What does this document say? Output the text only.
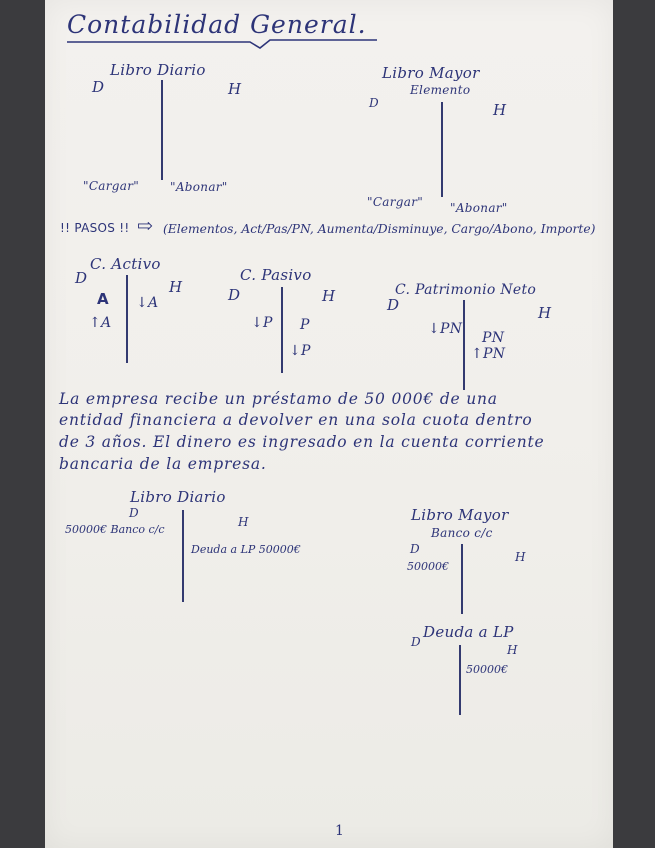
Contabilidad General.
Libro Diario
D	H
"Cargar"	"Abonar"
Libro Mayor
Elemento
D	H
"Cargar" "Abonar"
!! PASOS !! ⇨ (Elementos, Act/Pas/PN, Aumenta/Disminuye, Cargo/Abono, Importe)
C. Activo
D	H
A ↓A
↑A
C. Pasivo
D	H
↓P P
↓P
C. Patrimonio Neto
D	H
↓PN
PN
↑PN
La empresa recibe un préstamo de 50 000€ de una
entidad financiera a devolver en una sola cuota dentro
de 3 años. El dinero es ingresado en la cuenta corriente
bancaria de la empresa.
Libro Diario
D
H
50000€ Banco c/c
Deuda a LP 50000€
Libro Mayor
Banco c/c
D
H
50000€
Deuda a LP
D
H
50000€
1
